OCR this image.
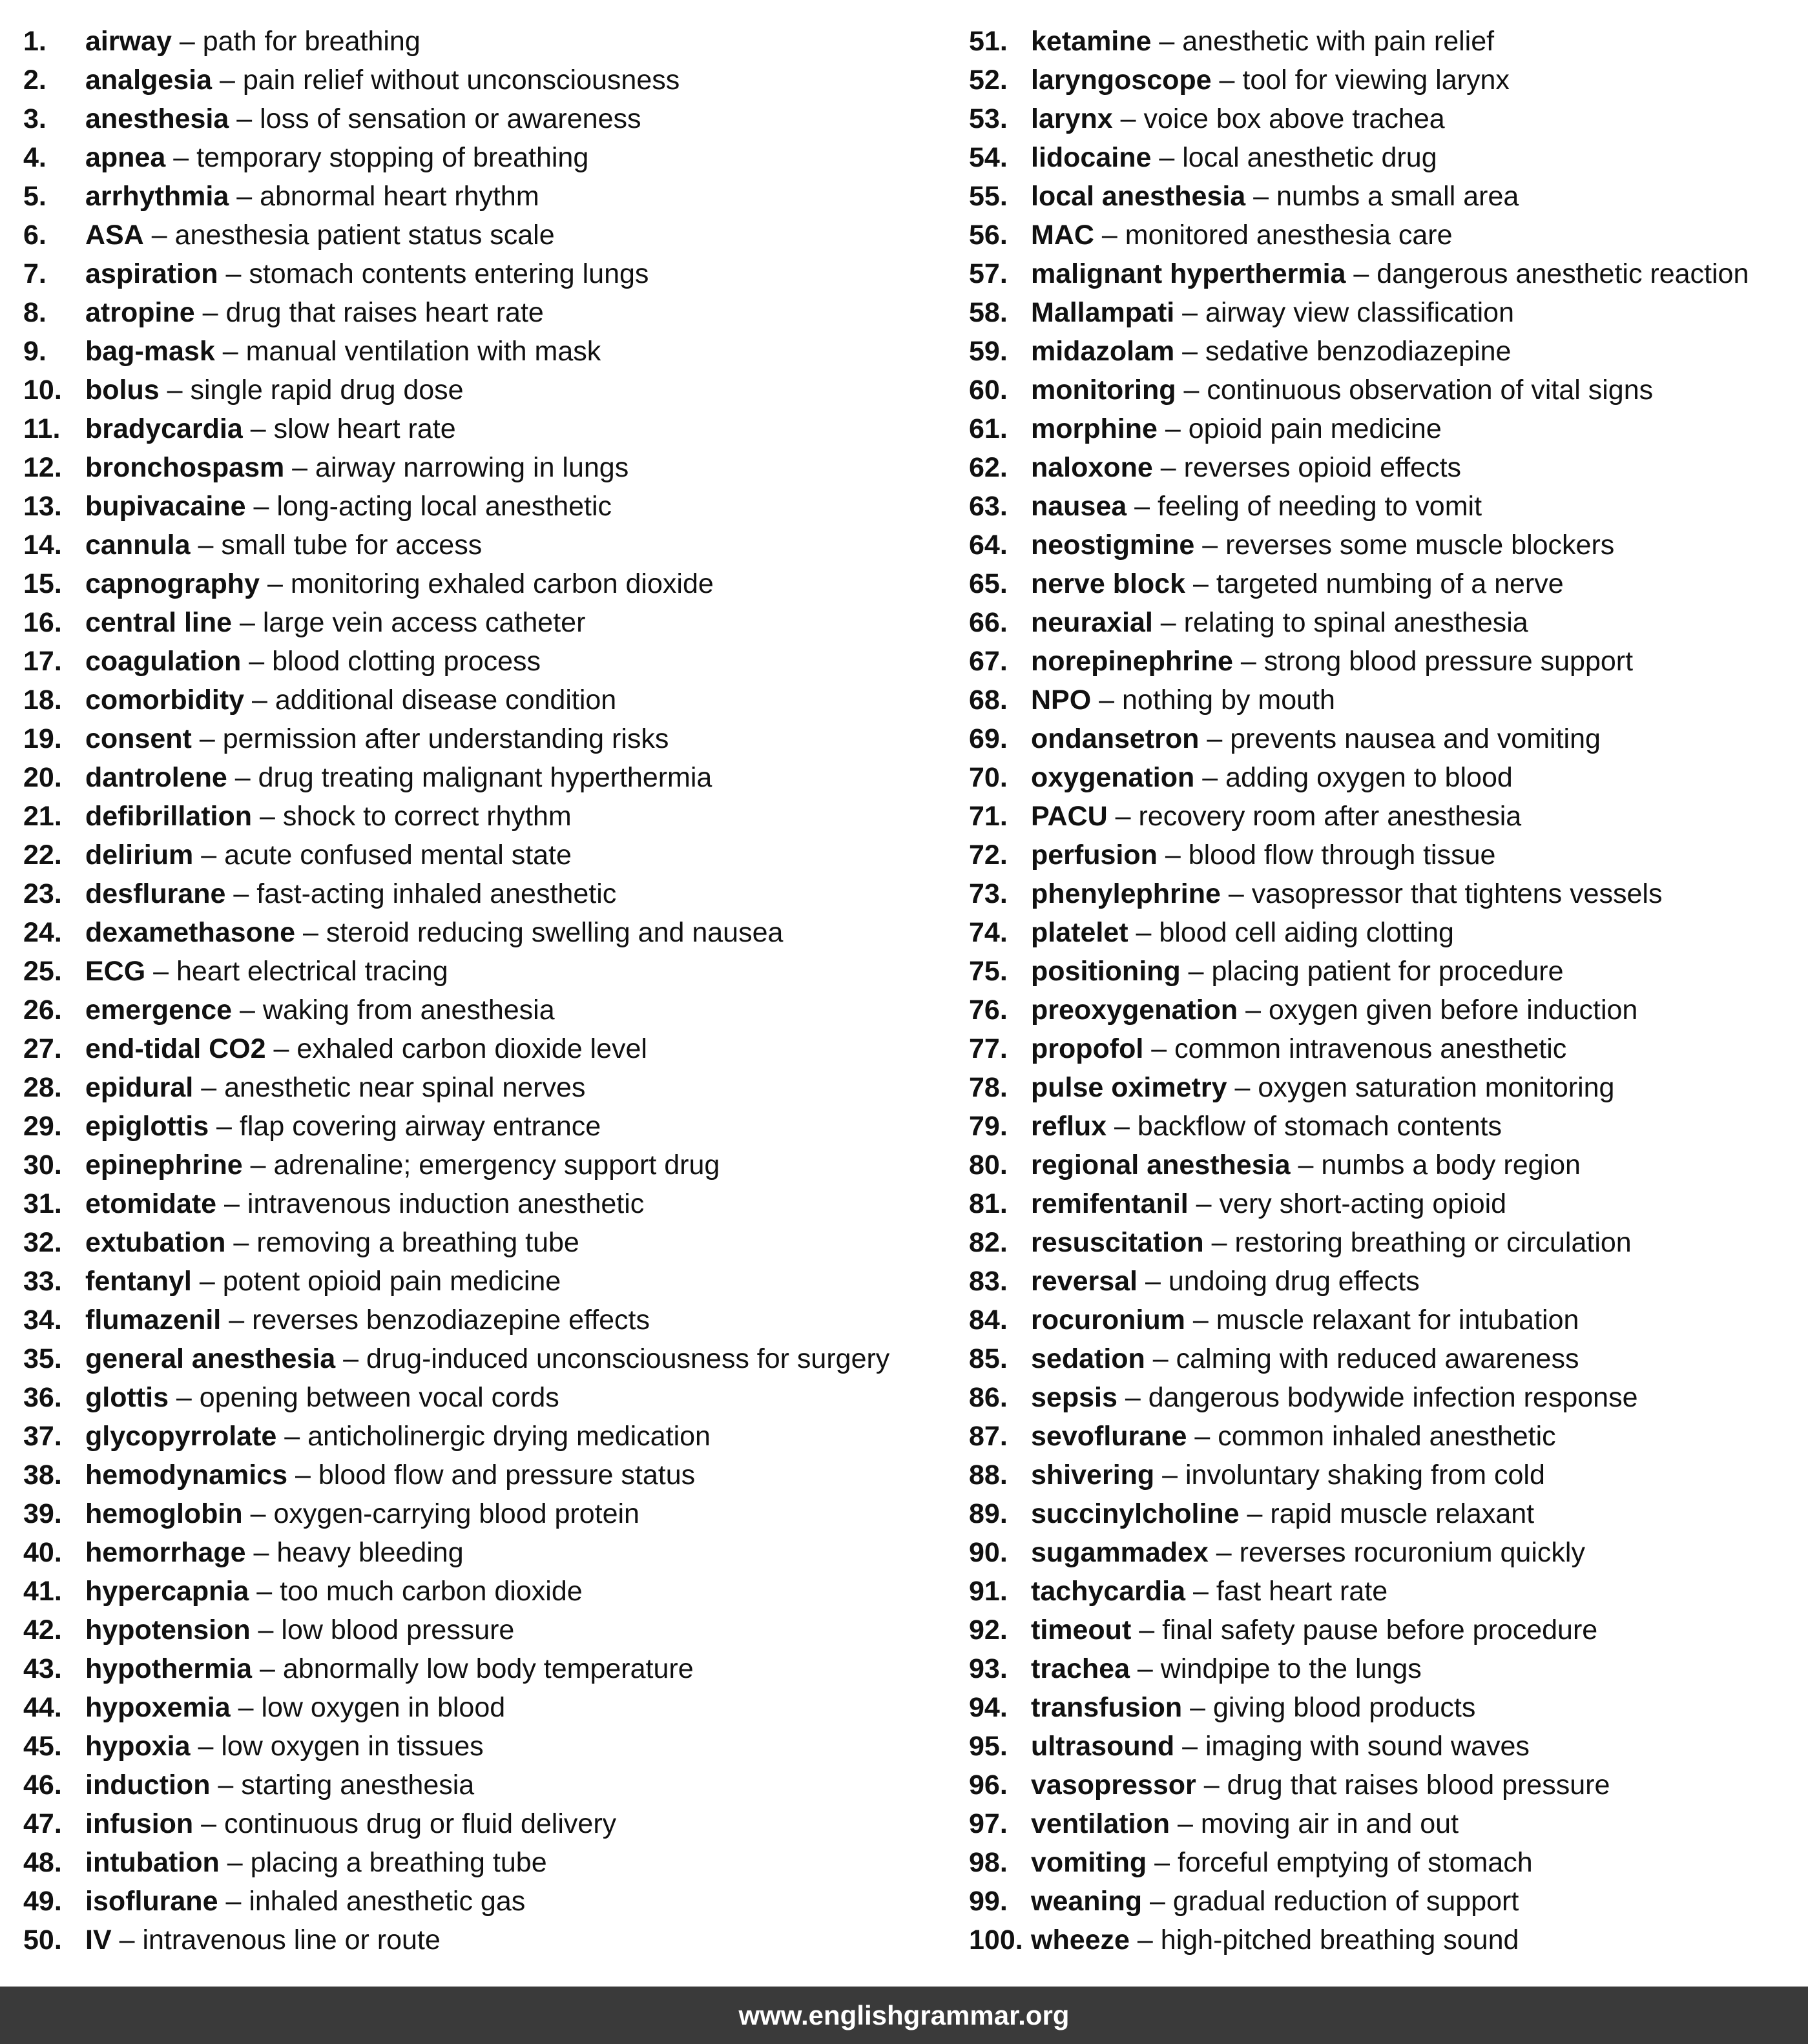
1.	airway – path for breathing
2.	analgesia – pain relief without unconsciousness
3.	anesthesia – loss of sensation or awareness
4.	apnea – temporary stopping of breathing
5.	arrhythmia – abnormal heart rhythm
6.	ASA – anesthesia patient status scale
7.	aspiration – stomach contents entering lungs
8.	atropine – drug that raises heart rate
9.	bag-mask – manual ventilation with mask
10. bolus – single rapid drug dose
11. bradycardia – slow heart rate
12. bronchospasm – airway narrowing in lungs
13. bupivacaine – long-acting local anesthetic
14. cannula – small tube for access
15. capnography – monitoring exhaled carbon dioxide
16. central line – large vein access catheter
17. coagulation – blood clotting process
18. comorbidity – additional disease condition
19. consent – permission after understanding risks
20. dantrolene – drug treating malignant hyperthermia
21. defibrillation – shock to correct rhythm
22. delirium – acute confused mental state
23. desflurane – fast-acting inhaled anesthetic
24. dexamethasone – steroid reducing swelling and nausea
25. ECG – heart electrical tracing
26. emergence – waking from anesthesia
27. end-tidal CO2 – exhaled carbon dioxide level
28. epidural – anesthetic near spinal nerves
29. epiglottis – flap covering airway entrance
30. epinephrine – adrenaline; emergency support drug
31. etomidate – intravenous induction anesthetic
32. extubation – removing a breathing tube
33. fentanyl – potent opioid pain medicine
34. flumazenil – reverses benzodiazepine effects
35. general anesthesia – drug-induced unconsciousness for surgery
36. glottis – opening between vocal cords
37. glycopyrrolate – anticholinergic drying medication
38. hemodynamics – blood flow and pressure status
39. hemoglobin – oxygen-carrying blood protein
40. hemorrhage – heavy bleeding
41. hypercapnia – too much carbon dioxide
42. hypotension – low blood pressure
43. hypothermia – abnormally low body temperature
44. hypoxemia – low oxygen in blood
45. hypoxia – low oxygen in tissues
46. induction – starting anesthesia
47. infusion – continuous drug or fluid delivery
48. intubation – placing a breathing tube
49. isoflurane – inhaled anesthetic gas
50. IV – intravenous line or route
51. ketamine – anesthetic with pain relief
52. laryngoscope – tool for viewing larynx
53. larynx – voice box above trachea
54. lidocaine – local anesthetic drug
55. local anesthesia – numbs a small area
56. MAC – monitored anesthesia care
57. malignant hyperthermia – dangerous anesthetic reaction
58. Mallampati – airway view classification
59. midazolam – sedative benzodiazepine
60. monitoring – continuous observation of vital signs
61. morphine – opioid pain medicine
62. naloxone – reverses opioid effects
63. nausea – feeling of needing to vomit
64. neostigmine – reverses some muscle blockers
65. nerve block – targeted numbing of a nerve
66. neuraxial – relating to spinal anesthesia
67. norepinephrine – strong blood pressure support
68. NPO – nothing by mouth
69. ondansetron – prevents nausea and vomiting
70. oxygenation – adding oxygen to blood
71. PACU – recovery room after anesthesia
72. perfusion – blood flow through tissue
73. phenylephrine – vasopressor that tightens vessels
74. platelet – blood cell aiding clotting
75. positioning – placing patient for procedure
76. preoxygenation – oxygen given before induction
77. propofol – common intravenous anesthetic
78. pulse oximetry – oxygen saturation monitoring
79. reflux – backflow of stomach contents
80. regional anesthesia – numbs a body region
81. remifentanil – very short-acting opioid
82. resuscitation – restoring breathing or circulation
83. reversal – undoing drug effects
84. rocuronium – muscle relaxant for intubation
85. sedation – calming with reduced awareness
86. sepsis – dangerous bodywide infection response
87. sevoflurane – common inhaled anesthetic
88. shivering – involuntary shaking from cold
89. succinylcholine – rapid muscle relaxant
90. sugammadex – reverses rocuronium quickly
91. tachycardia – fast heart rate
92. timeout – final safety pause before procedure
93. trachea – windpipe to the lungs
94. transfusion – giving blood products
95. ultrasound – imaging with sound waves
96. vasopressor – drug that raises blood pressure
97. ventilation – moving air in and out
98. vomiting – forceful emptying of stomach
99. weaning – gradual reduction of support
100. wheeze – high-pitched breathing sound
www.englishgrammar.org
